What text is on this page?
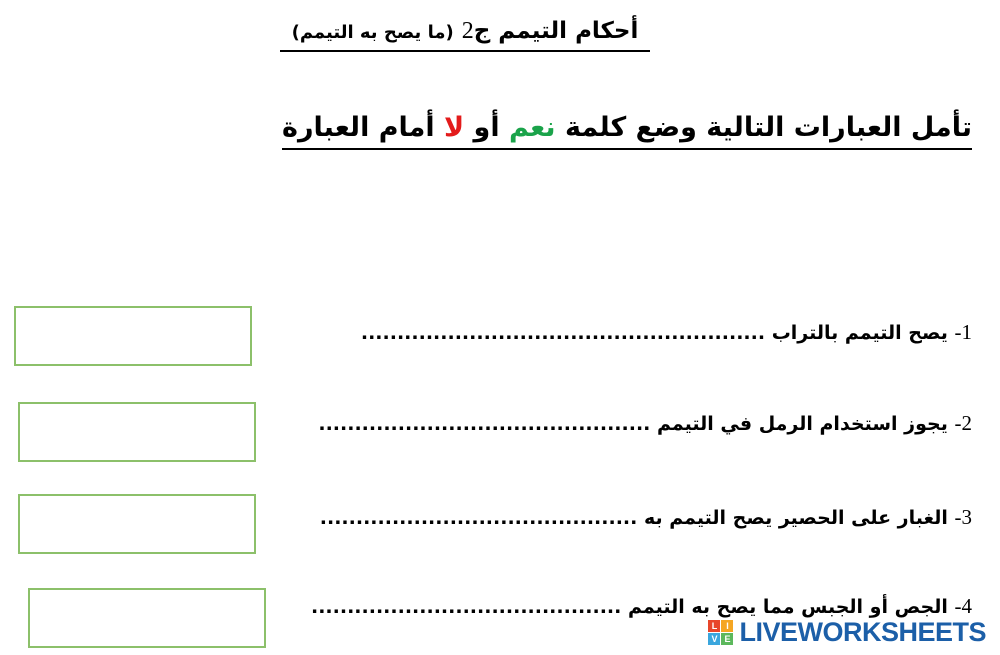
أحكام التيمم ج2 (ما يصح به التيمم)
تأمل العبارات التالية وضع كلمة نعم أو لا أمام العبارة
1- يصح التيمم بالتراب ........................................................
2- يجوز استخدام الرمل في التيمم ..............................................
3- الغبار على الحصير يصح التيمم به ............................................
4- الجص أو الجبس مما يصح به التيمم ...........................................
L I
V E LIVEWORKSHEETS
